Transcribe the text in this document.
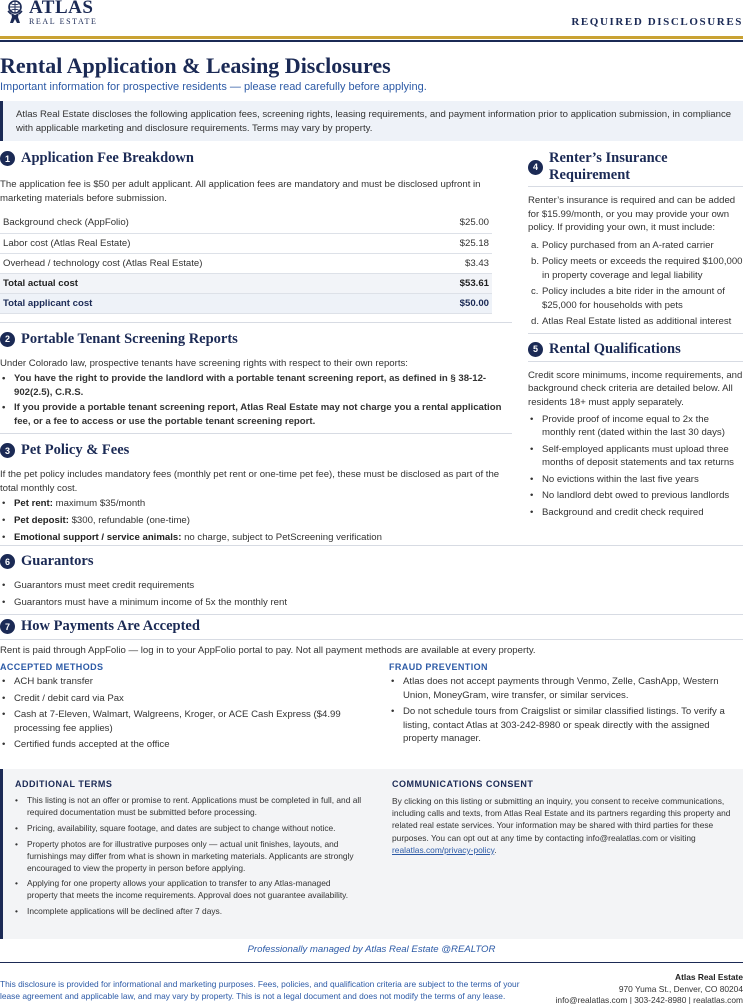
ATLAS
REAL ESTATE	REQUIRED DISCLOSURES
Rental Application & Leasing Disclosures
Important information for prospective residents — please read carefully before applying.
Atlas Real Estate discloses the following application fees, screening rights, leasing requirements, and payment information prior to application submission, in compliance with applicable marketing and disclosure requirements. Terms may vary by property.
1 Application Fee Breakdown
The application fee is $50 per adult applicant. All application fees are mandatory and must be disclosed upfront in marketing materials before submission.
Background check (AppFolio)	$25.00
Labor cost (Atlas Real Estate)	$25.18
Overhead / technology cost (Atlas Real Estate)	$3.43
Total actual cost	$53.61
Total applicant cost	$50.00
2 Portable Tenant Screening Reports
Under Colorado law, prospective tenants have screening rights with respect to their own reports:
• You have the right to provide the landlord with a portable tenant screening report, as defined in § 38-12-902(2.5), C.R.S.
• If you provide a portable tenant screening report, Atlas Real Estate may not charge you a rental application fee, or a fee to access or use the portable tenant screening report.
3 Pet Policy & Fees
If the pet policy includes mandatory fees (monthly pet rent or one-time pet fee), these must be disclosed as part of the total monthly cost.
• Pet rent: maximum $35/month
• Pet deposit: $300, refundable (one-time)
• Emotional support / service animals: no charge, subject to PetScreening verification
4
Renter’s Insurance Requirement
Renter’s insurance is required and can be added for $15.99/month, or you may provide your own policy. If providing your own, it must include:
a. Policy purchased from an A-rated carrier
b. Policy meets or exceeds the required $100,000 in property coverage and legal liability
c. Policy includes a bite rider in the amount of $25,000 for households with pets
d. Atlas Real Estate listed as additional interest
5 Rental Qualifications
Credit score minimums, income requirements, and background check criteria are detailed below. All residents 18+ must apply separately.
• Provide proof of income equal to 2x the monthly rent (dated within the last 30 days)
• Self-employed applicants must upload three months of deposit statements and tax returns
• No evictions within the last five years
• No landlord debt owed to previous landlords
• Background and credit check required
6 Guarantors
• Guarantors must meet credit requirements
• Guarantors must have a minimum income of 5x the monthly rent
7 How Payments Are Accepted
Rent is paid through AppFolio — log in to your AppFolio portal to pay. Not all payment methods are available at every property.
ACCEPTED METHODS
• ACH bank transfer
• Credit / debit card via Pax
• Cash at 7-Eleven, Walmart, Walgreens, Kroger, or ACE Cash Express ($4.99 processing fee applies)
• Certified funds accepted at the office
FRAUD PREVENTION
• Atlas does not accept payments through Venmo, Zelle, CashApp, Western Union, MoneyGram, wire transfer, or similar services.
• Do not schedule tours from Craigslist or similar classified listings. To verify a listing, contact Atlas at 303-242-8980 or speak directly with the assigned property manager.
ADDITIONAL TERMS
• This listing is not an offer or promise to rent. Applications must be completed in full, and all required documentation must be submitted before processing.
• Pricing, availability, square footage, and dates are subject to change without notice.
• Property photos are for illustrative purposes only — actual unit finishes, layouts, and furnishings may differ from what is shown in marketing materials. Applicants are strongly encouraged to view the property in person before applying.
• Applying for one property allows your application to transfer to any Atlas-managed property that meets the income requirements. Approval does not guarantee availability.
• Incomplete applications will be declined after 7 days.
COMMUNICATIONS CONSENT
By clicking on this listing or submitting an inquiry, you consent to receive communications, including calls and texts, from Atlas Real Estate and its partners regarding this property and related real estate services. Your information may be shared with third parties for these purposes. You can opt out at any time by contacting info@realatlas.com or visiting realatlas.com/privacy-policy.
Professionally managed by Atlas Real Estate @REALTOR
This disclosure is provided for informational and marketing purposes. Fees, policies, and qualification criteria are subject to the terms of your lease agreement and applicable law, and may vary by property. This is not a legal document and does not modify the terms of any lease.
Atlas Real Estate
970 Yuma St., Denver, CO 80204
info@realatlas.com | 303-242-8980 | realatlas.com
